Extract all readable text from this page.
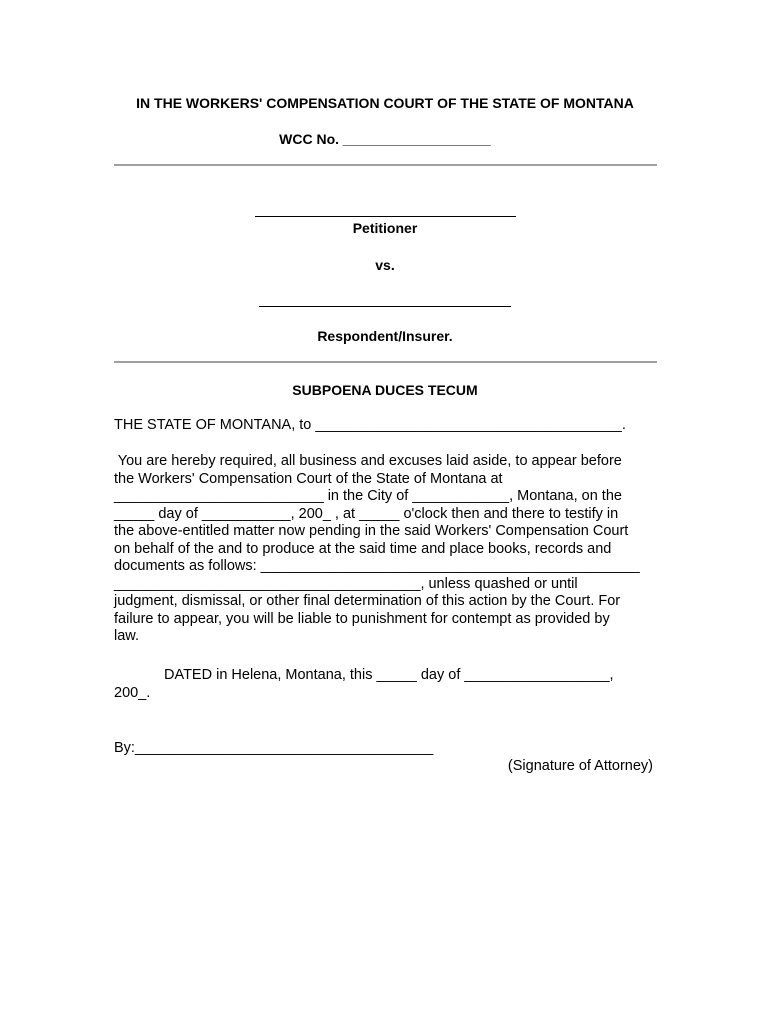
IN THE WORKERS' COMPENSATION COURT OF THE STATE OF MONTANA
WCC No. ___________________
Petitioner
vs.
Respondent/Insurer.
SUBPOENA DUCES TECUM
THE STATE OF MONTANA, to ______________________________________.
You are hereby required, all business and excuses laid aside, to appear before
the Workers' Compensation Court of the State of Montana at
__________________________ in the City of ____________, Montana, on the
_____ day of ___________, 200_ , at _____ o'clock then and there to testify in
the above-entitled matter now pending in the said Workers' Compensation Court
on behalf of the and to produce at the said time and place books, records and
documents as follows: _______________________________________________
______________________________________, unless quashed or until
judgment, dismissal, or other final determination of this action by the Court. For
failure to appear, you will be liable to punishment for contempt as provided by
law.
DATED in Helena, Montana, this _____ day of __________________,
200_.
By:_____________________________________
(Signature of Attorney)
